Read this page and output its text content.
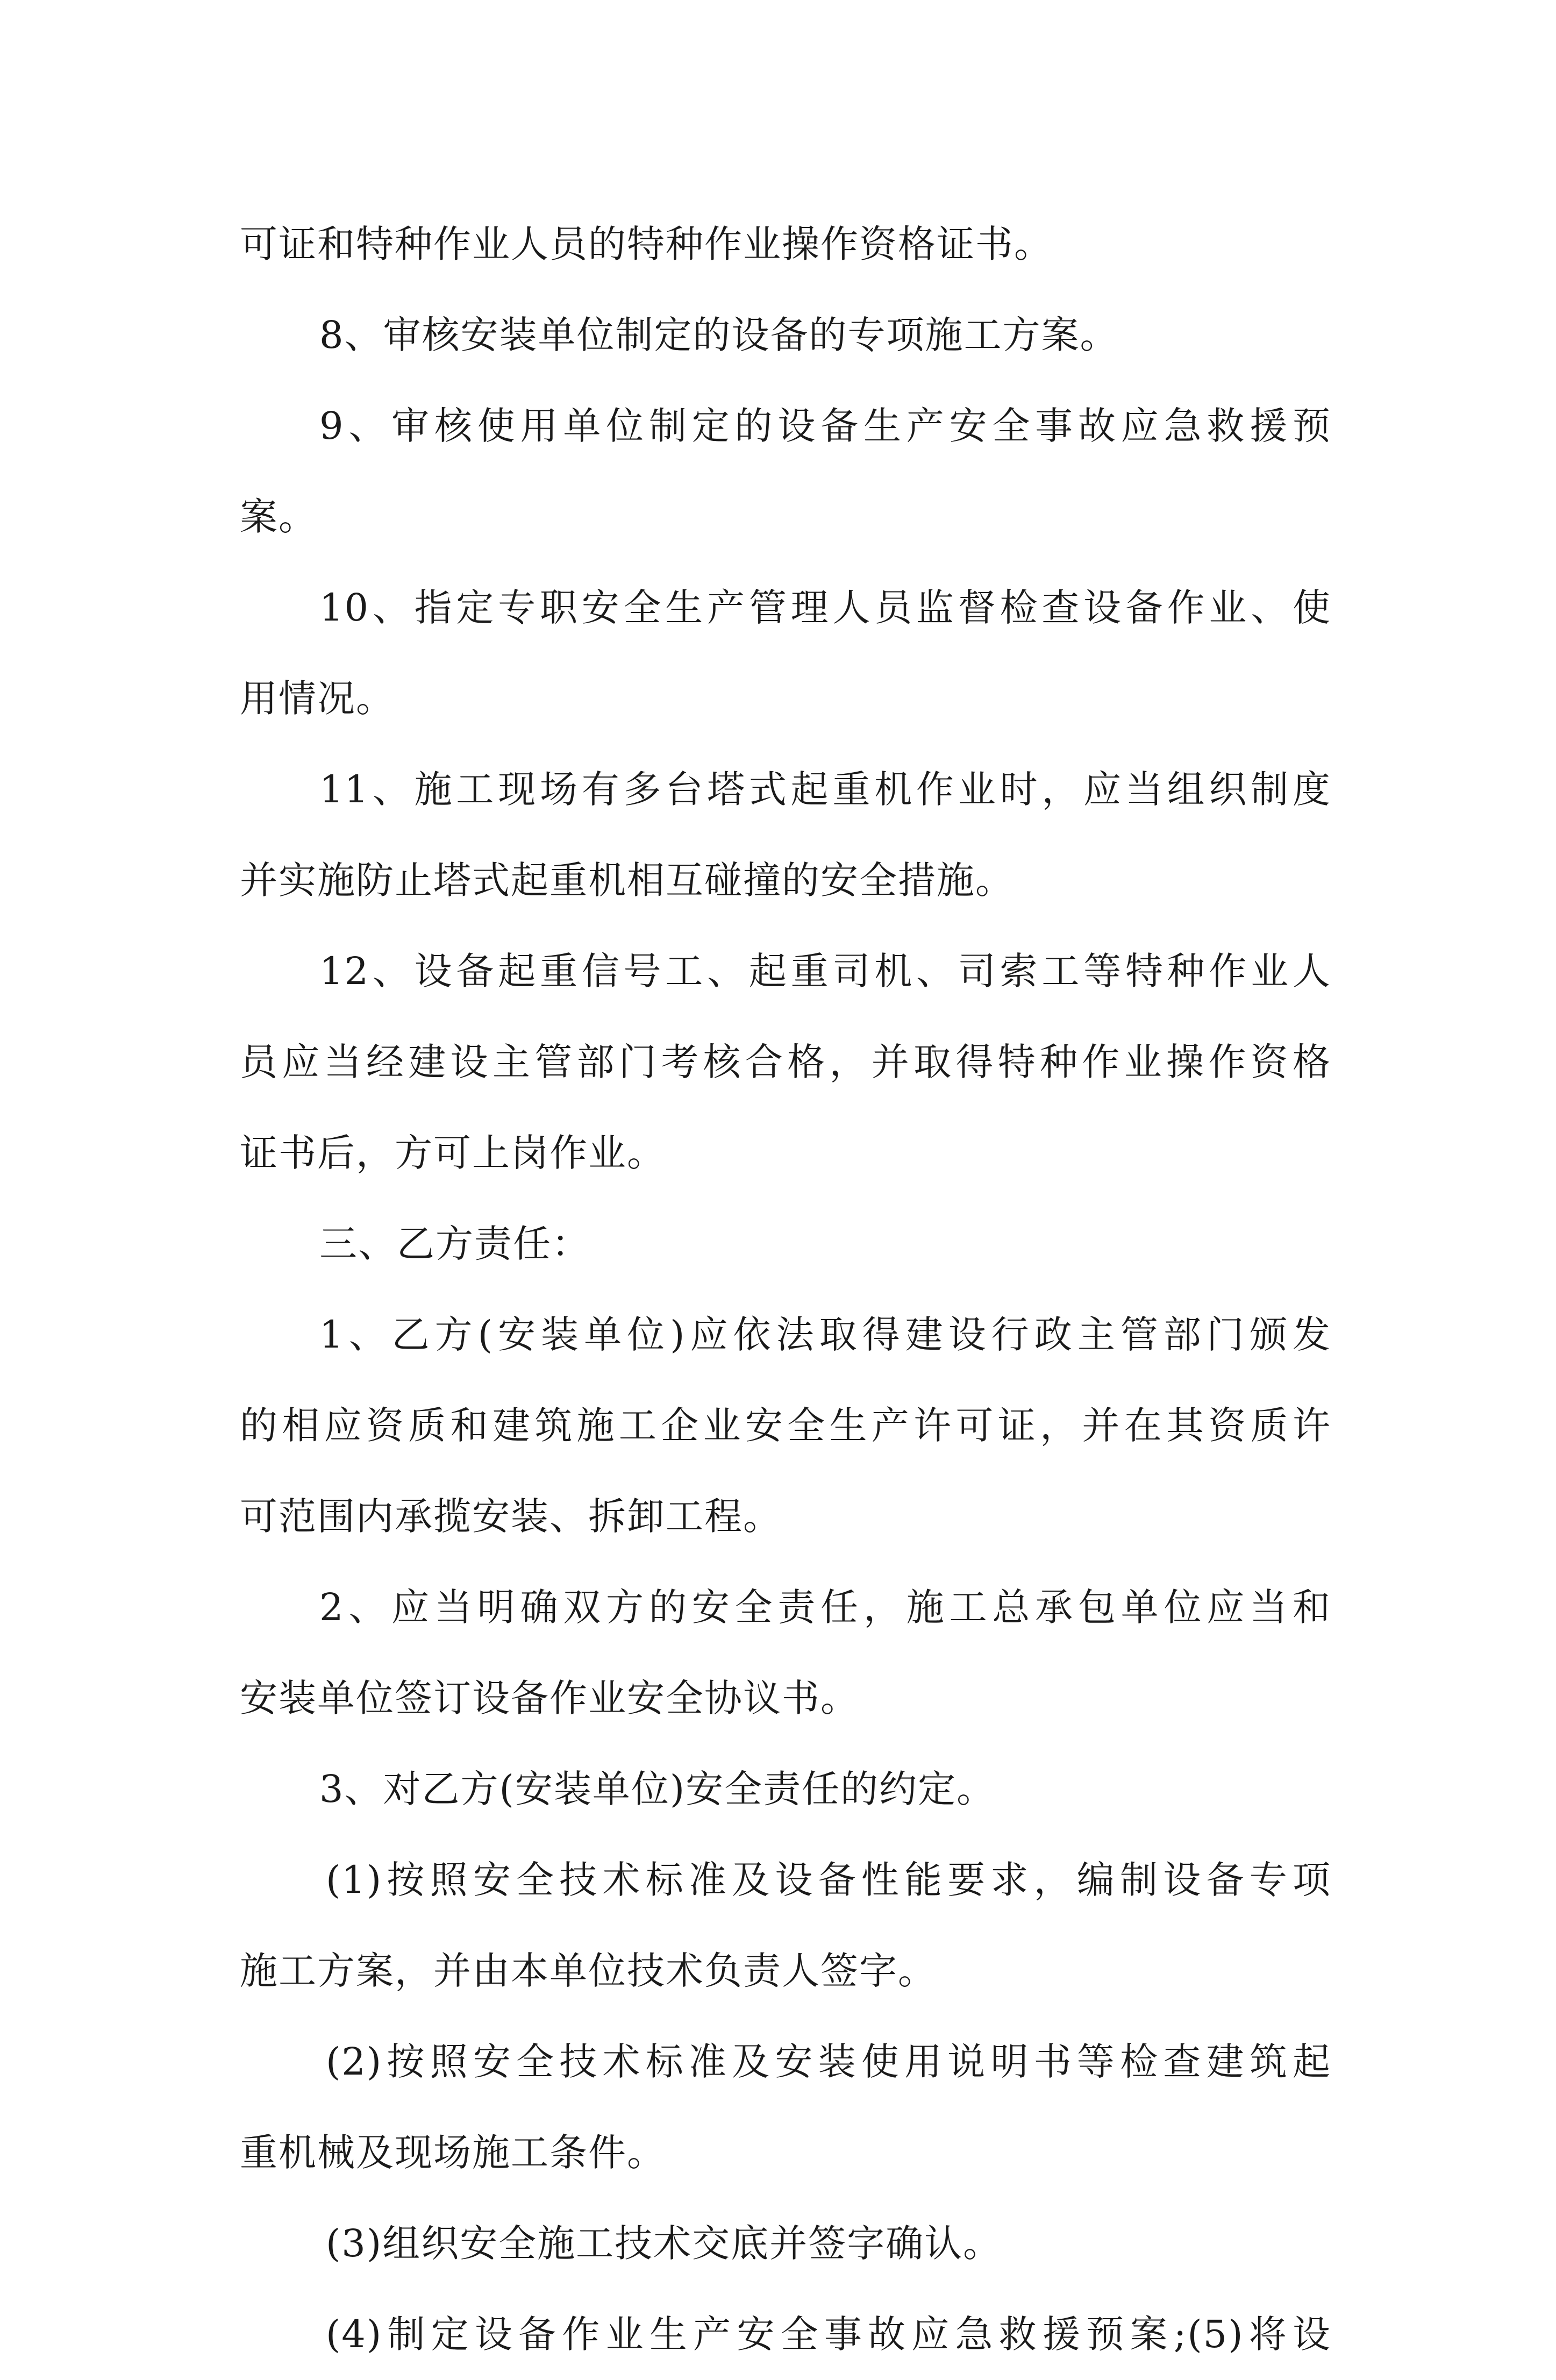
可证和特种作业人员的特种作业操作资格证书。

8、审核安装单位制定的设备的专项施工方案。

9、审核使用单位制定的设备生产安全事故应急救援预

案。

10、指定专职安全生产管理人员监督检查设备作业、使

用情况。

11、施工现场有多台塔式起重机作业时，应当组织制度

并实施防止塔式起重机相互碰撞的安全措施。

12、设备起重信号工、起重司机、司索工等特种作业人

员应当经建设主管部门考核合格，并取得特种作业操作资格

证书后，方可上岗作业。

三、乙方责任：

1、乙方(安装单位)应依法取得建设行政主管部门颁发

的相应资质和建筑施工企业安全生产许可证，并在其资质许

可范围内承揽安装、拆卸工程。

2、应当明确双方的安全责任，施工总承包单位应当和

安装单位签订设备作业安全协议书。

3、对乙方(安装单位)安全责任的约定。

(1)按照安全技术标准及设备性能要求，编制设备专项

施工方案，并由本单位技术负责人签字。

(2)按照安全技术标准及安装使用说明书等检查建筑起

重机械及现场施工条件。

(3)组织安全施工技术交底并签字确认。

(4)制定设备作业生产安全事故应急救援预案;(5)将设
